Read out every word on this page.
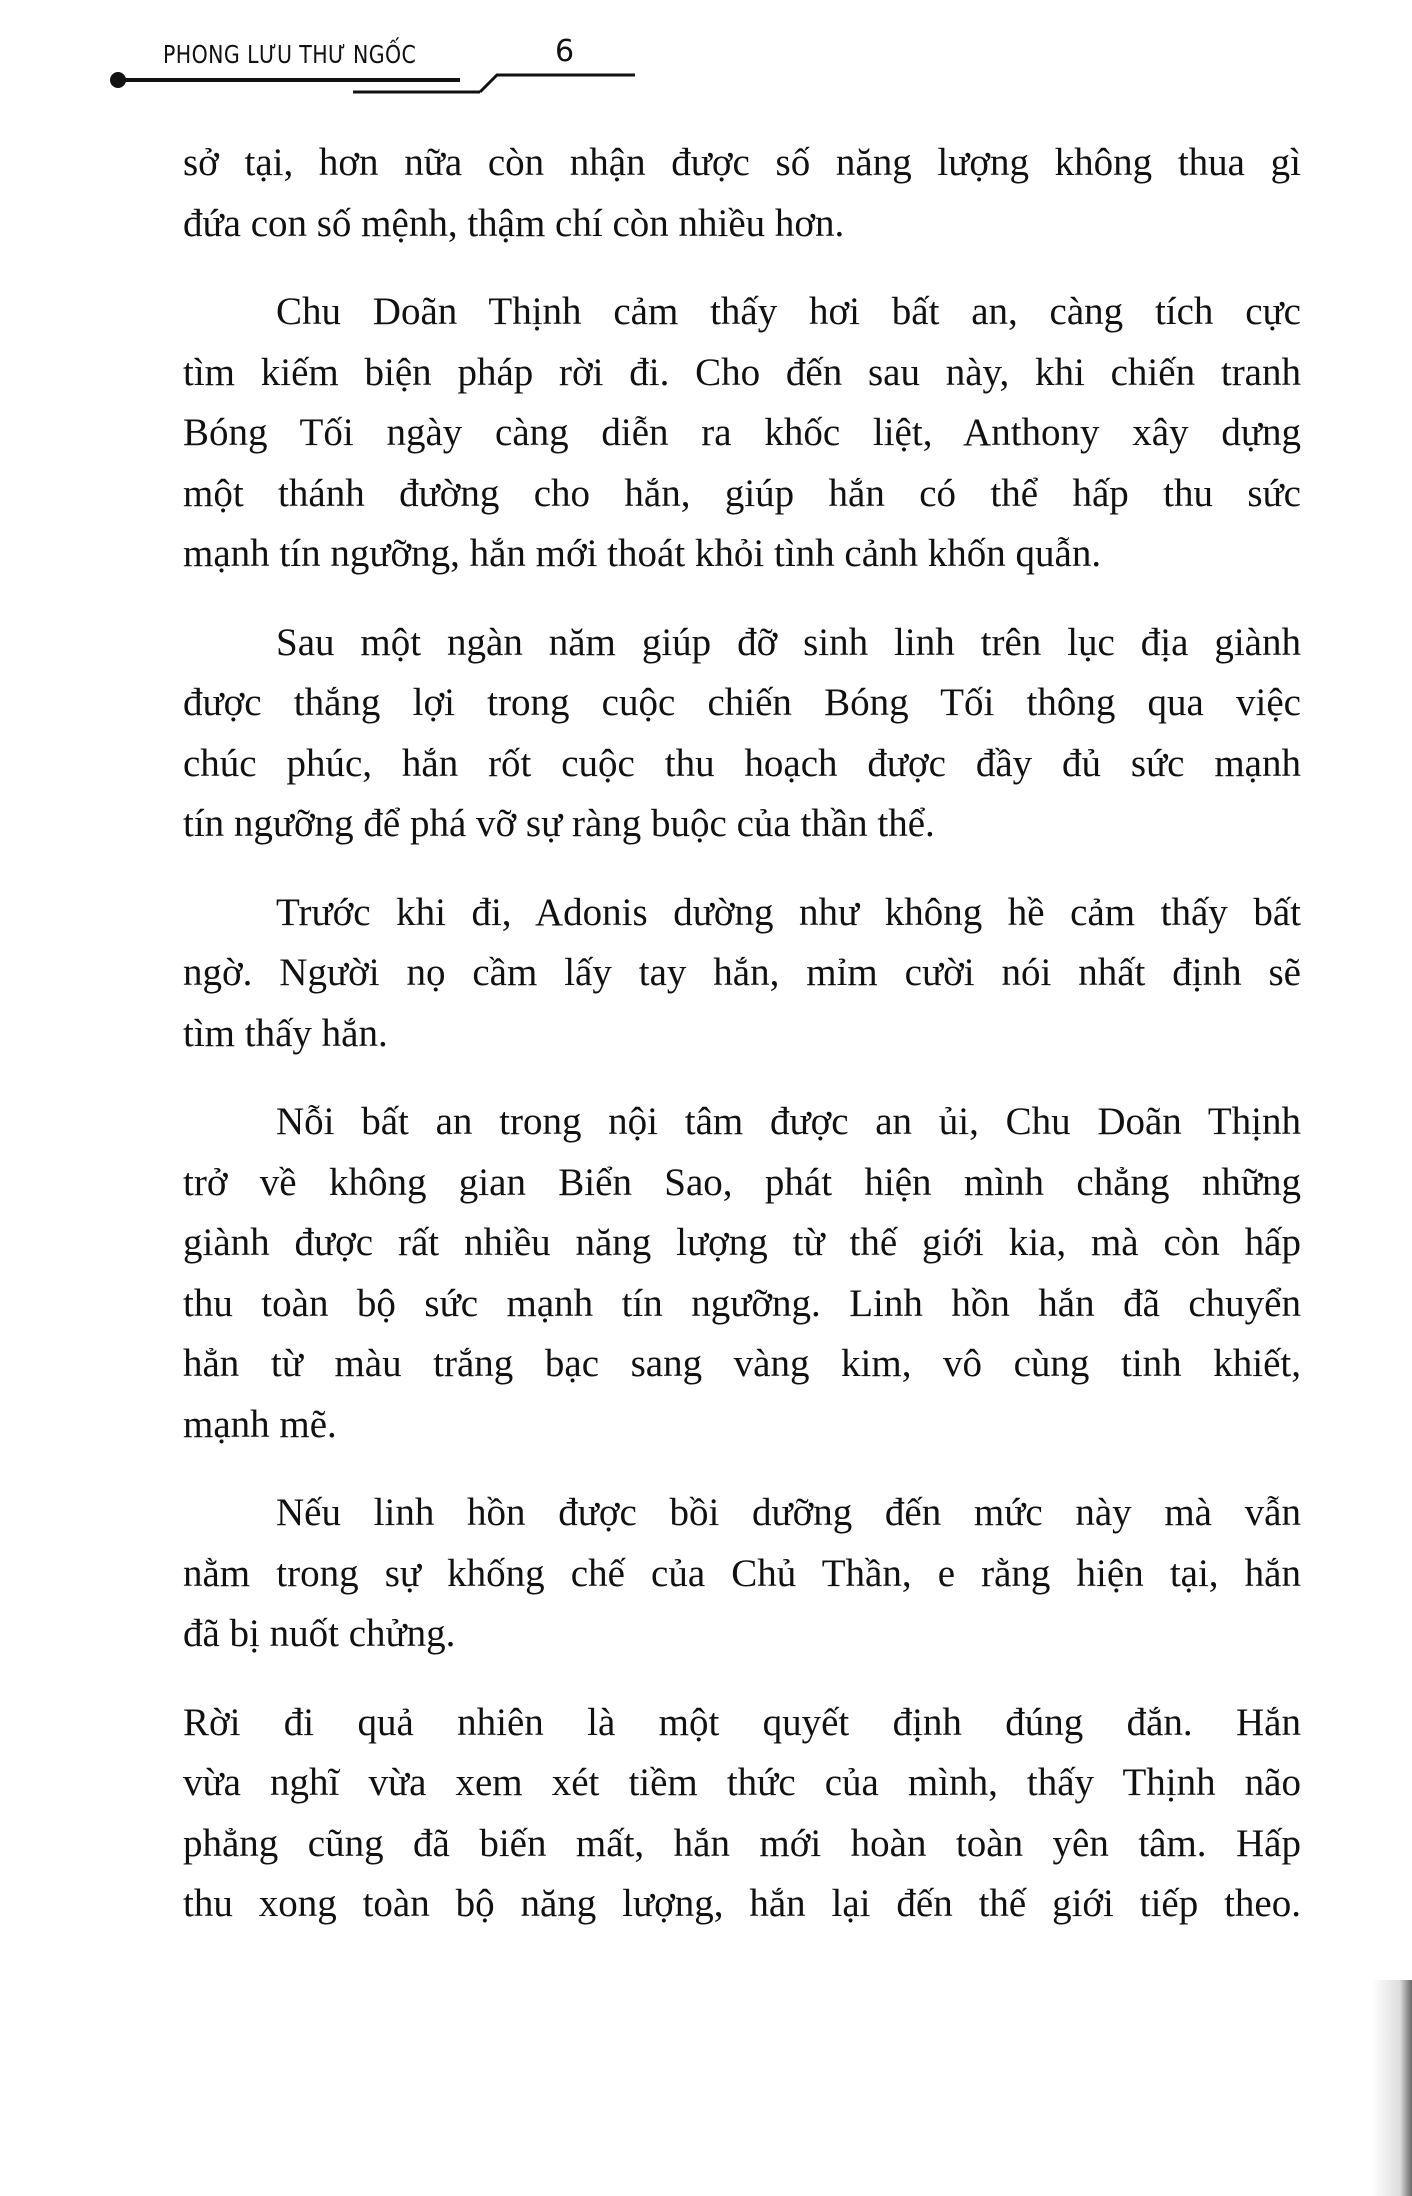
PHONG LƯU THƯ NGỐC	6
sở tại, hơn nữa còn nhận được số năng lượng không thua gì
đứa con số mệnh, thậm chí còn nhiều hơn.
Chu Doãn Thịnh cảm thấy hơi bất an, càng tích cực
tìm kiếm biện pháp rời đi. Cho đến sau này, khi chiến tranh
Bóng Tối ngày càng diễn ra khốc liệt, Anthony xây dựng
một thánh đường cho hắn, giúp hắn có thể hấp thu sức
mạnh tín ngưỡng, hắn mới thoát khỏi tình cảnh khốn quẫn.
Sau một ngàn năm giúp đỡ sinh linh trên lục địa giành
được thắng lợi trong cuộc chiến Bóng Tối thông qua việc
chúc phúc, hắn rốt cuộc thu hoạch được đầy đủ sức mạnh
tín ngưỡng để phá vỡ sự ràng buộc của thần thể.
Trước khi đi, Adonis dường như không hề cảm thấy bất
ngờ. Người nọ cầm lấy tay hắn, mỉm cười nói nhất định sẽ
tìm thấy hắn.
Nỗi bất an trong nội tâm được an ủi, Chu Doãn Thịnh
trở về không gian Biển Sao, phát hiện mình chẳng những
giành được rất nhiều năng lượng từ thế giới kia, mà còn hấp
thu toàn bộ sức mạnh tín ngưỡng. Linh hồn hắn đã chuyển
hẳn từ màu trắng bạc sang vàng kim, vô cùng tinh khiết,
mạnh mẽ.
Nếu linh hồn được bồi dưỡng đến mức này mà vẫn
nằm trong sự khống chế của Chủ Thần, e rằng hiện tại, hắn
đã bị nuốt chửng.
Rời đi quả nhiên là một quyết định đúng đắn. Hắn
vừa nghĩ vừa xem xét tiềm thức của mình, thấy Thịnh não
phẳng cũng đã biến mất, hắn mới hoàn toàn yên tâm. Hấp
thu xong toàn bộ năng lượng, hắn lại đến thế giới tiếp theo.
